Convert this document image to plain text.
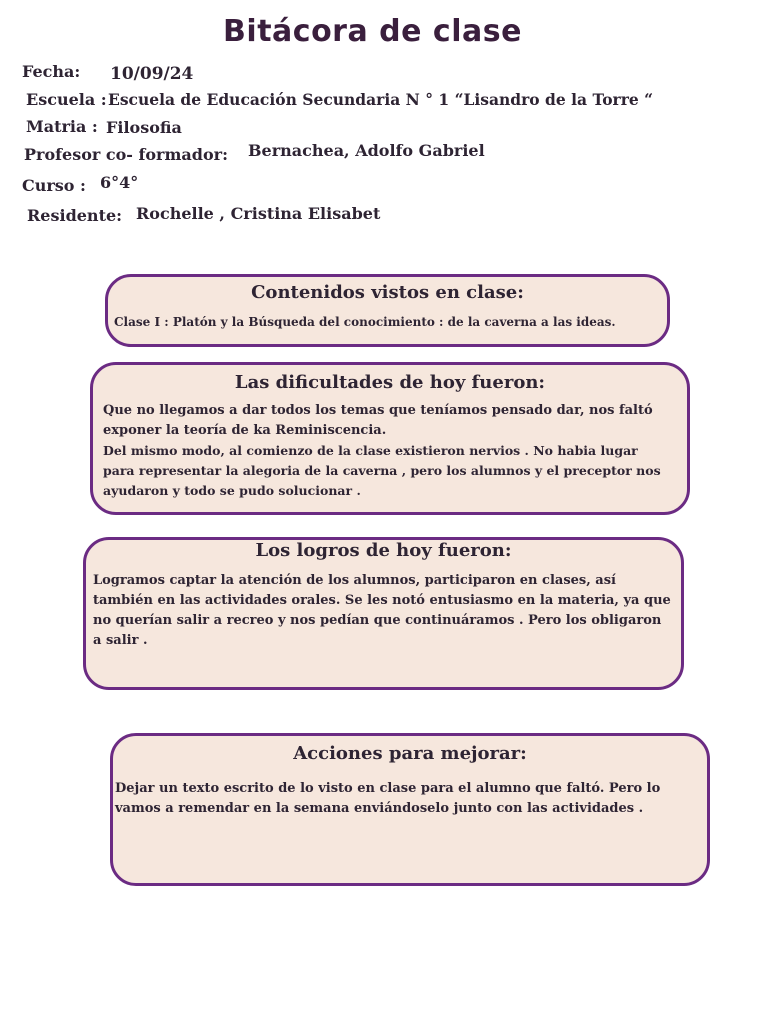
Bitácora de clase
Fecha: 10/09/24
Escuela : Escuela de Educación Secundaria N ° 1 “Lisandro de la Torre “
Matria : Filosofia
Profesor co- formador: Bernachea, Adolfo Gabriel
Curso : 6°4°
Residente: Rochelle , Cristina Elisabet
Contenidos vistos en clase:
Clase I : Platón y la Búsqueda del conocimiento : de la caverna a las ideas.
Las dificultades de hoy fueron:

Que no llegamos a dar todos los temas que teníamos pensado dar, nos faltó exponer la teoría de ka Reminiscencia.

Del mismo modo, al comienzo de la clase existieron nervios . No habia lugar para representar la alegoria de la caverna , pero los alumnos y el preceptor nos ayudaron y todo se pudo solucionar .

Los logros de hoy fueron:
Logramos captar la atención de los alumnos, participaron en clases, así también en las actividades orales. Se les notó entusiasmo en la materia, ya que no querían salir a recreo y nos pedían que continuáramos . Pero los obligaron a salir .
Acciones para mejorar:
Dejar un texto escrito de lo visto en clase para el alumno que faltó. Pero lo vamos a remendar en la semana enviándoselo junto con las actividades .
